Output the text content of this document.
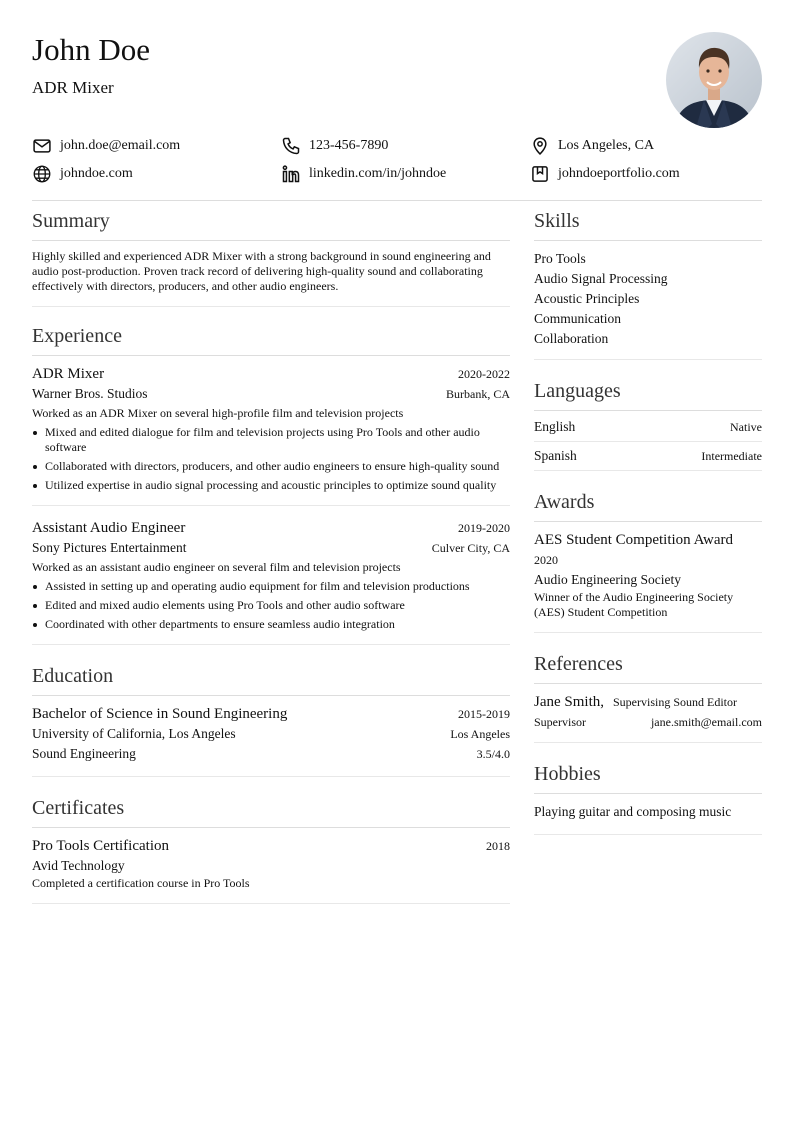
John Doe
ADR Mixer
john.doe@email.com	123-456-7890	Los Angeles, CA
johndoe.com	linkedin.com/in/johndoe	johndoeportfolio.com
Summary
Highly skilled and experienced ADR Mixer with a strong background in sound engineering and audio post-production. Proven track record of delivering high-quality sound and collaborating effectively with directors, producers, and other audio engineers.
Experience
ADR Mixer	2020-2022
Warner Bros. Studios	Burbank, CA
Worked as an ADR Mixer on several high-profile film and television projects
Mixed and edited dialogue for film and television projects using Pro Tools and other audio software
Collaborated with directors, producers, and other audio engineers to ensure high-quality sound
Utilized expertise in audio signal processing and acoustic principles to optimize sound quality
Assistant Audio Engineer	2019-2020
Sony Pictures Entertainment	Culver City, CA
Worked as an assistant audio engineer on several film and television projects
Assisted in setting up and operating audio equipment for film and television productions
Edited and mixed audio elements using Pro Tools and other audio software
Coordinated with other departments to ensure seamless audio integration
Education
Bachelor of Science in Sound Engineering	2015-2019
University of California, Los Angeles	Los Angeles
Sound Engineering	3.5/4.0
Certificates
Pro Tools Certification	2018
Avid Technology
Completed a certification course in Pro Tools
Skills
Pro Tools
Audio Signal Processing
Acoustic Principles
Communication
Collaboration
Languages
English	Native
Spanish	Intermediate
Awards
AES Student Competition Award
2020
Audio Engineering Society
Winner of the Audio Engineering Society (AES) Student Competition
References
Jane Smith, Supervising Sound Editor
Supervisor	jane.smith@email.com
Hobbies
Playing guitar and composing music
